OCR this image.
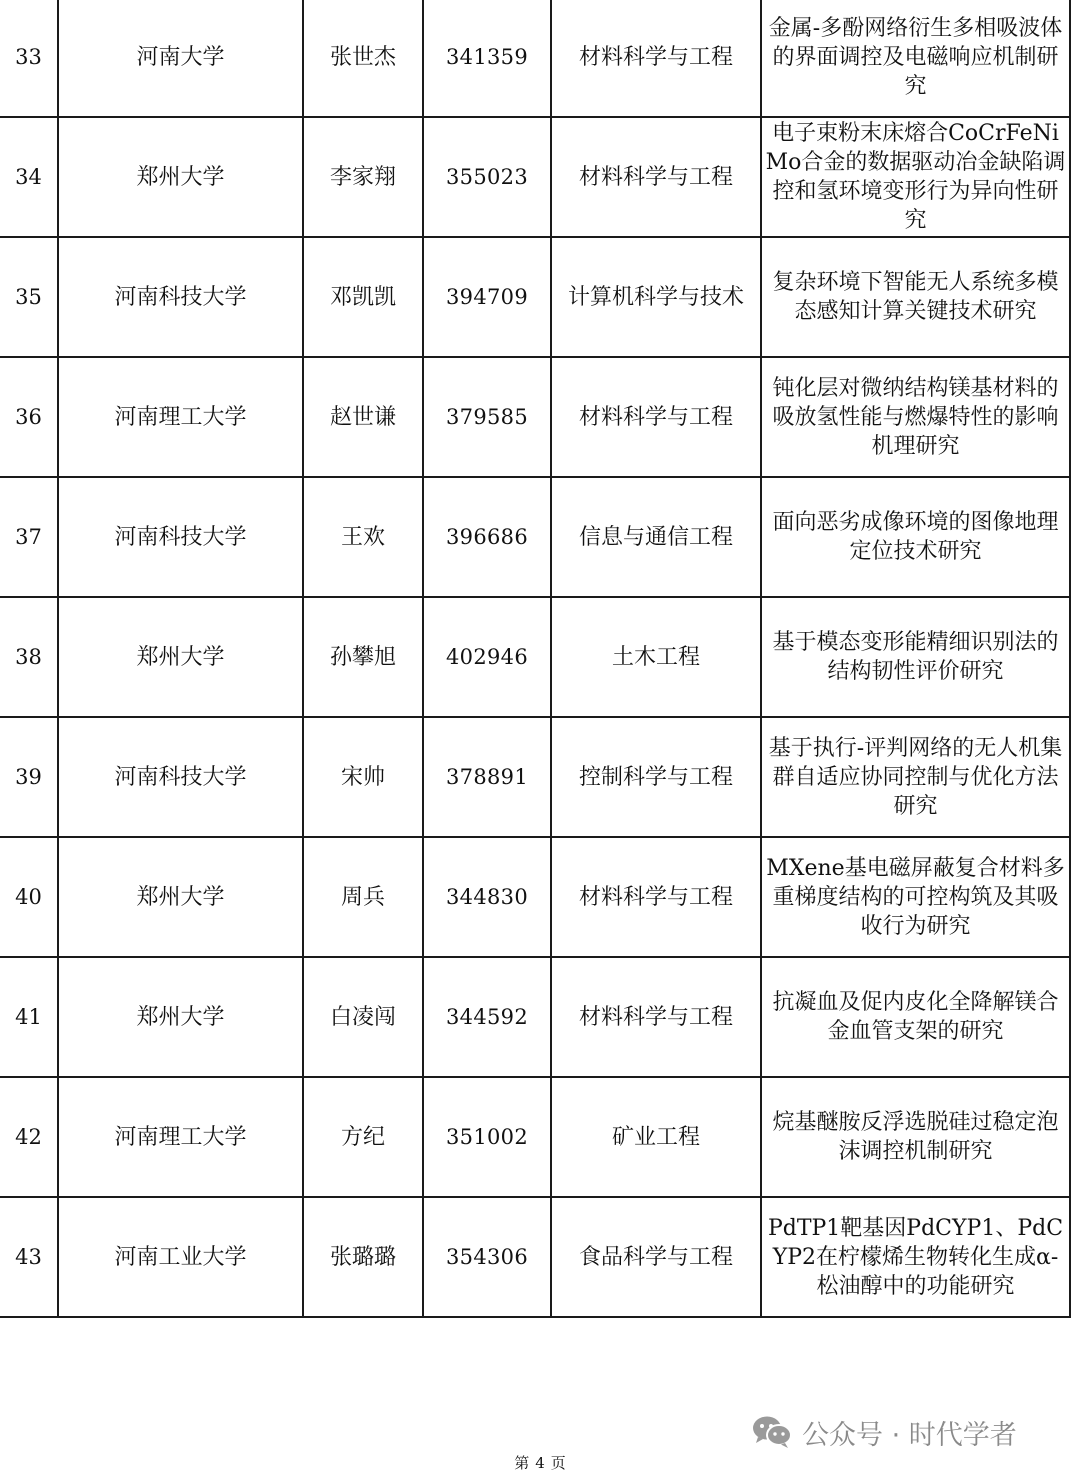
33	河南大学	张世杰	341359	材料科学与工程	金属-多酚网络衍生多相吸波体的界面调控及电磁响应机制研究
34	郑州大学	李家翔	355023	材料科学与工程	电子束粉末床熔合CoCrFeNiMo合金的数据驱动冶金缺陷调控和氢环境变形行为异向性研究
35	河南科技大学	邓凯凯	394709	计算机科学与技术	复杂环境下智能无人系统多模态感知计算关键技术研究
36	河南理工大学	赵世谦	379585	材料科学与工程	钝化层对微纳结构镁基材料的吸放氢性能与燃爆特性的影响机理研究
37	河南科技大学	王欢	396686	信息与通信工程	面向恶劣成像环境的图像地理定位技术研究
38	郑州大学	孙攀旭	402946	土木工程	基于模态变形能精细识别法的结构韧性评价研究
39	河南科技大学	宋帅	378891	控制科学与工程	基于执行-评判网络的无人机集群自适应协同控制与优化方法研究
40	郑州大学	周兵	344830	材料科学与工程	MXene基电磁屏蔽复合材料多重梯度结构的可控构筑及其吸收行为研究
41	郑州大学	白凌闯	344592	材料科学与工程	抗凝血及促内皮化全降解镁合金血管支架的研究
42	河南理工大学	方纪	351002	矿业工程	烷基醚胺反浮选脱硅过稳定泡沫调控机制研究
43	河南工业大学	张璐璐	354306	食品科学与工程	PdTP1靶基因PdCYP1、PdCYP2在柠檬烯生物转化生成α-松油醇中的功能研究
公众号 · 时代学者
第 4 页
